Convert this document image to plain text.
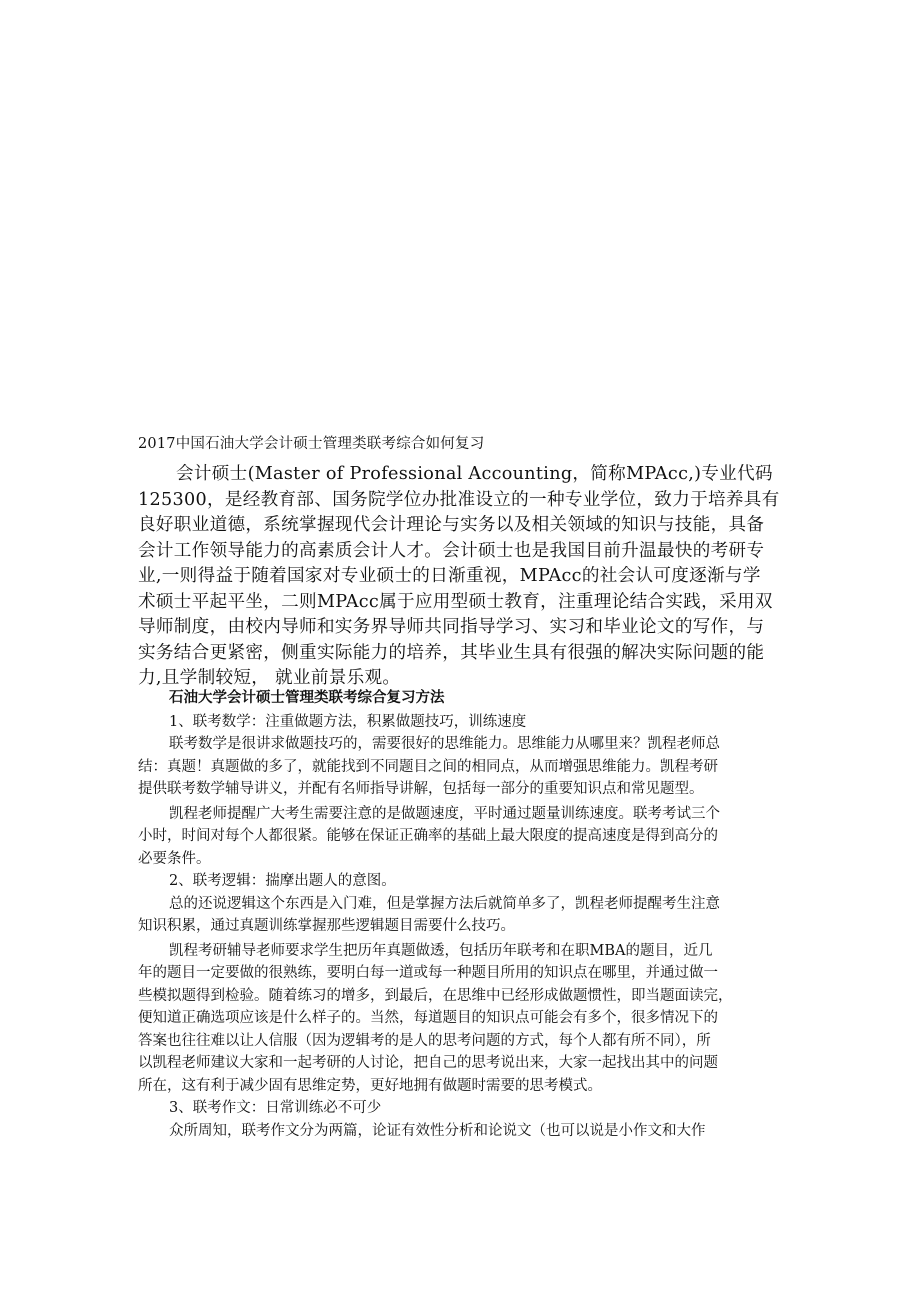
2017中国石油大学会计硕士管理类联考综合如何复习
会计硕士(Master of Professional Accounting，简称MPAcc,)专业代码
125300，是经教育部、国务院学位办批准设立的一种专业学位，致力于培养具有
良好职业道德，系统掌握现代会计理论与实务以及相关领域的知识与技能，具备
会计工作领导能力的高素质会计人才。会计硕士也是我国目前升温最快的考研专
业,一则得益于随着国家对专业硕士的日渐重视，MPAcc的社会认可度逐渐与学
术硕士平起平坐，二则MPAcc属于应用型硕士教育，注重理论结合实践，采用双
导师制度，由校内导师和实务界导师共同指导学习、实习和毕业论文的写作，与
实务结合更紧密，侧重实际能力的培养，其毕业生具有很强的解决实际问题的能
力,且学制较短， 就业前景乐观。
石油大学会计硕士管理类联考综合复习方法
1、联考数学：注重做题方法，积累做题技巧，训练速度
联考数学是很讲求做题技巧的，需要很好的思维能力。思维能力从哪里来？凯程老师总
结：真题！真题做的多了，就能找到不同题目之间的相同点，从而增强思维能力。凯程考研
提供联考数学辅导讲义，并配有名师指导讲解，包括每一部分的重要知识点和常见题型。
凯程老师提醒广大考生需要注意的是做题速度，平时通过题量训练速度。联考考试三个
小时，时间对每个人都很紧。能够在保证正确率的基础上最大限度的提高速度是得到高分的
必要条件。
2、联考逻辑：揣摩出题人的意图。
总的还说逻辑这个东西是入门难，但是掌握方法后就简单多了，凯程老师提醒考生注意
知识积累，通过真题训练掌握那些逻辑题目需要什么技巧。
凯程考研辅导老师要求学生把历年真题做透，包括历年联考和在职MBA的题目，近几
年的题目一定要做的很熟练，要明白每一道或每一种题目所用的知识点在哪里，并通过做一
些模拟题得到检验。随着练习的增多，到最后，在思维中已经形成做题惯性，即当题面读完，
便知道正确选项应该是什么样子的。当然，每道题目的知识点可能会有多个，很多情况下的
答案也往往难以让人信服（因为逻辑考的是人的思考问题的方式，每个人都有所不同），所
以凯程老师建议大家和一起考研的人讨论，把自己的思考说出来，大家一起找出其中的问题
所在，这有利于减少固有思维定势，更好地拥有做题时需要的思考模式。
3、联考作文：日常训练必不可少
众所周知，联考作文分为两篇，论证有效性分析和论说文（也可以说是小作文和大作
